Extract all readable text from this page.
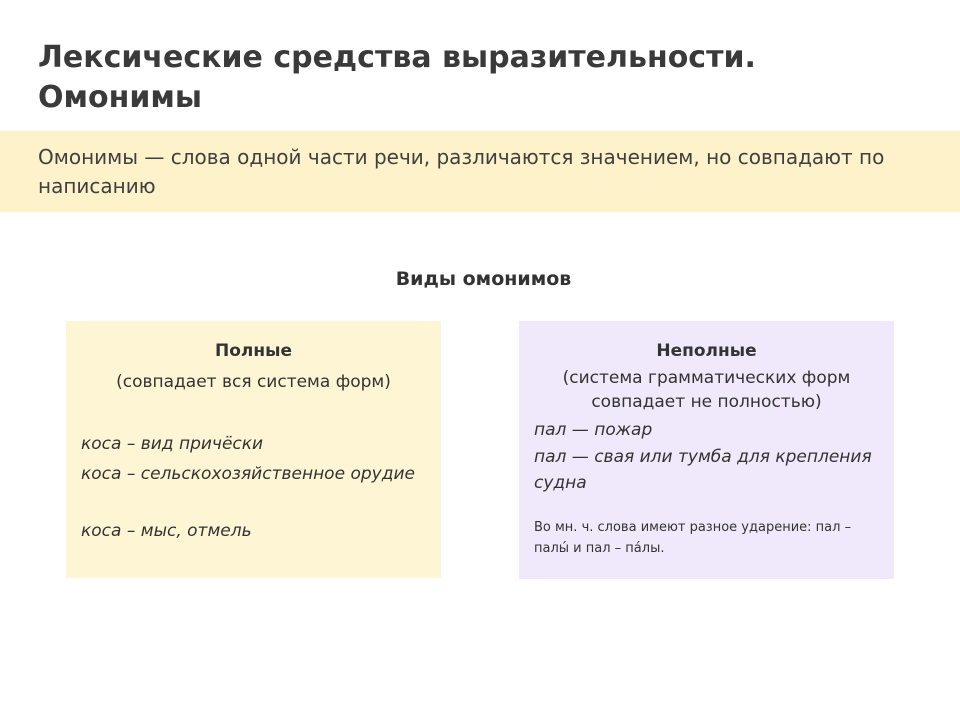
Лексические средства выразительности. Омонимы

Омонимы — слова одной части речи, различаются значением, но совпадают по написанию

Виды омонимов
Полные
(совпадает вся система форм)
коса – вид причёски
коса – сельскохозяйственное орудие
коса – мыс, отмель
Неполные
(система грамматических форм совпадает не полностью)
пал — пожар
пал — свая или тумба для крепления судна
Во мн. ч. слова имеют разное ударение: пал – палы́ и пал – па́лы.
